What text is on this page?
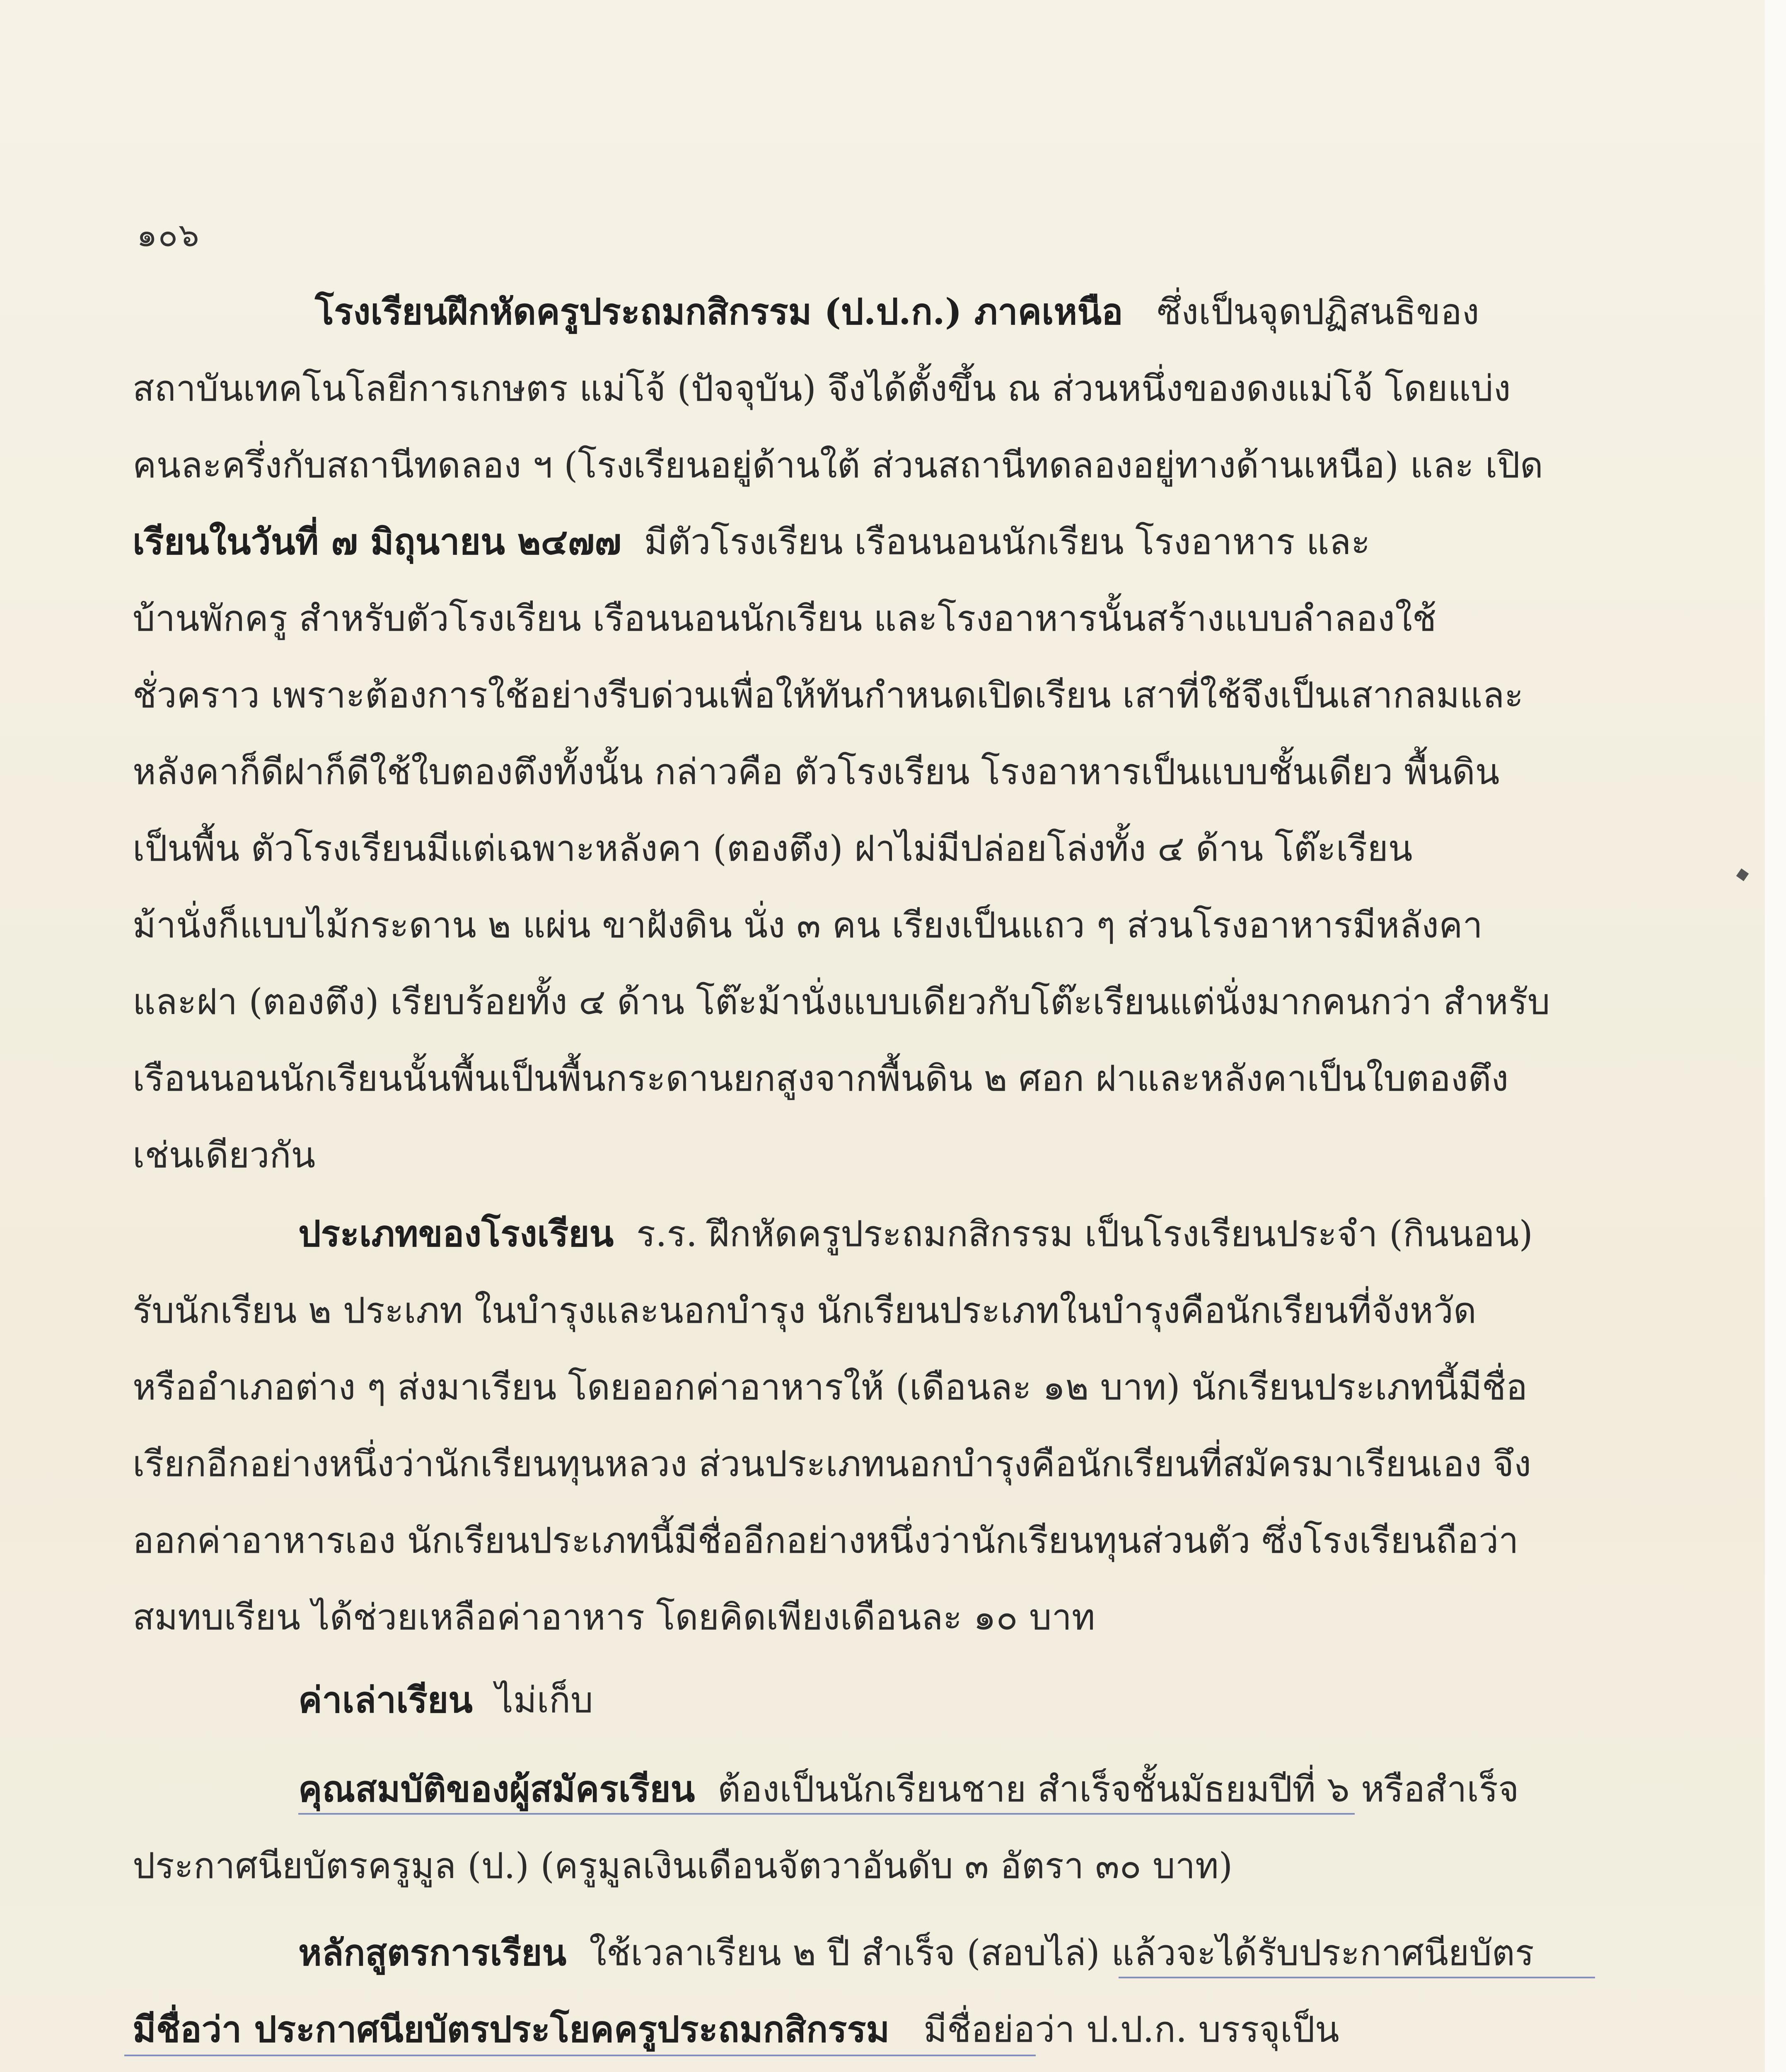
๑๐๖
โรงเรียนฝึกหัดครูประถมกสิกรรม (ป.ป.ก.) ภาคเหนือ ซึ่งเป็นจุดปฏิสนธิของ
สถาบันเทคโนโลยีการเกษตร แม่โจ้ (ปัจจุบัน) จึงได้ตั้งขึ้น ณ ส่วนหนึ่งของดงแม่โจ้ โดยแบ่ง
คนละครึ่งกับสถานีทดลอง ฯ (โรงเรียนอยู่ด้านใต้ ส่วนสถานีทดลองอยู่ทางด้านเหนือ) และ เปิด
เรียนในวันที่ ๗ มิถุนายน ๒๔๗๗ มีตัวโรงเรียน เรือนนอนนักเรียน โรงอาหาร และ
บ้านพักครู สำหรับตัวโรงเรียน เรือนนอนนักเรียน และโรงอาหารนั้นสร้างแบบลำลองใช้
ชั่วคราว เพราะต้องการใช้อย่างรีบด่วนเพื่อให้ทันกำหนดเปิดเรียน เสาที่ใช้จึงเป็นเสากลมและ
หลังคาก็ดีฝาก็ดีใช้ใบตองตึงทั้งนั้น กล่าวคือ ตัวโรงเรียน โรงอาหารเป็นแบบชั้นเดียว พื้นดิน
เป็นพื้น ตัวโรงเรียนมีแต่เฉพาะหลังคา (ตองตึง) ฝาไม่มีปล่อยโล่งทั้ง ๔ ด้าน โต๊ะเรียน
ม้านั่งก็แบบไม้กระดาน ๒ แผ่น ขาฝังดิน นั่ง ๓ คน เรียงเป็นแถว ๆ ส่วนโรงอาหารมีหลังคา
และฝา (ตองตึง) เรียบร้อยทั้ง ๔ ด้าน โต๊ะม้านั่งแบบเดียวกับโต๊ะเรียนแต่นั่งมากคนกว่า สำหรับ
เรือนนอนนักเรียนนั้นพื้นเป็นพื้นกระดานยกสูงจากพื้นดิน ๒ ศอก ฝาและหลังคาเป็นใบตองตึง
เช่นเดียวกัน
ประเภทของโรงเรียน ร.ร. ฝึกหัดครูประถมกสิกรรม เป็นโรงเรียนประจำ (กินนอน)
รับนักเรียน ๒ ประเภท ในบำรุงและนอกบำรุง นักเรียนประเภทในบำรุงคือนักเรียนที่จังหวัด
หรืออำเภอต่าง ๆ ส่งมาเรียน โดยออกค่าอาหารให้ (เดือนละ ๑๒ บาท) นักเรียนประเภทนี้มีชื่อ
เรียกอีกอย่างหนึ่งว่านักเรียนทุนหลวง ส่วนประเภทนอกบำรุงคือนักเรียนที่สมัครมาเรียนเอง จึง
ออกค่าอาหารเอง นักเรียนประเภทนี้มีชื่ออีกอย่างหนึ่งว่านักเรียนทุนส่วนตัว ซึ่งโรงเรียนถือว่า
สมทบเรียน ได้ช่วยเหลือค่าอาหาร โดยคิดเพียงเดือนละ ๑๐ บาท
ค่าเล่าเรียน ไม่เก็บ
คุณสมบัติของผู้สมัครเรียน ต้องเป็นนักเรียนชาย สำเร็จชั้นมัธยมปีที่ ๖ หรือสำเร็จ
ประกาศนียบัตรครูมูล (ป.) (ครูมูลเงินเดือนจัตวาอันดับ ๓ อัตรา ๓๐ บาท)
หลักสูตรการเรียน ใช้เวลาเรียน ๒ ปี สำเร็จ (สอบไล่) แล้วจะได้รับประกาศนียบัตร
มีชื่อว่า ประกาศนียบัตรประโยคครูประถมกสิกรรม มีชื่อย่อว่า ป.ป.ก. บรรจุเป็น
